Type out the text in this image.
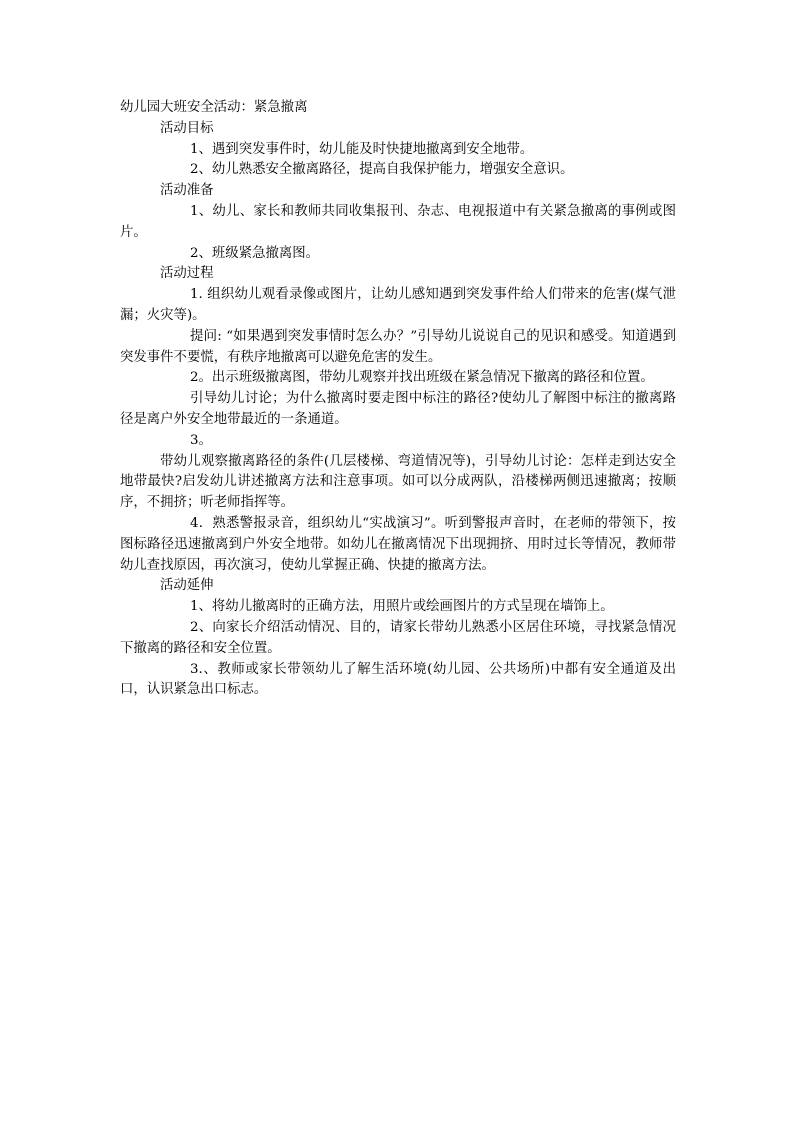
幼儿园大班安全活动：紧急撤离

活动目标

1、遇到突发事件时，幼儿能及时快捷地撤离到安全地带。

2、幼儿熟悉安全撤离路径，提高自我保护能力，增强安全意识。

活动准备

1、幼儿、家长和教师共同收集报刊、杂志、电视报道中有关紧急撤离的事例或图片。

2、班级紧急撤离图。

活动过程

1. 组织幼儿观看录像或图片，让幼儿感知遇到突发事件给人们带来的危害(煤气泄漏；火灾等)。

提问: “如果遇到突发事情时怎么办？”引导幼儿说说自己的见识和感受。知道遇到突发事件不要慌，有秩序地撤离可以避免危害的发生。

2。出示班级撤离图，带幼儿观察并找出班级在紧急情况下撤离的路径和位置。

引导幼儿讨论；为什么撤离时要走图中标注的路径?使幼儿了解图中标注的撤离路径是离户外安全地带最近的一条通道。

3。

带幼儿观察撤离路径的条件(几层楼梯、弯道情况等)，引导幼儿讨论：怎样走到达安全地带最快?启发幼儿讲述撤离方法和注意事项。如可以分成两队，沿楼梯两侧迅速撤离；按顺序，不拥挤；听老师指挥等。

4．熟悉警报录音，组织幼儿“实战演习”。听到警报声音时，在老师的带领下，按图标路径迅速撤离到户外安全地带。如幼儿在撤离情况下出现拥挤、用时过长等情况，教师带幼儿查找原因，再次演习，使幼儿掌握正确、快捷的撤离方法。

活动延伸

1、将幼儿撤离时的正确方法，用照片或绘画图片的方式呈现在墙饰上。

2、向家长介绍活动情况、目的，请家长带幼儿熟悉小区居住环境，寻找紧急情况下撤离的路径和安全位置。

3.、教师或家长带领幼儿了解生活环境(幼儿园、公共场所)中都有安全通道及出口，认识紧急出口标志。
